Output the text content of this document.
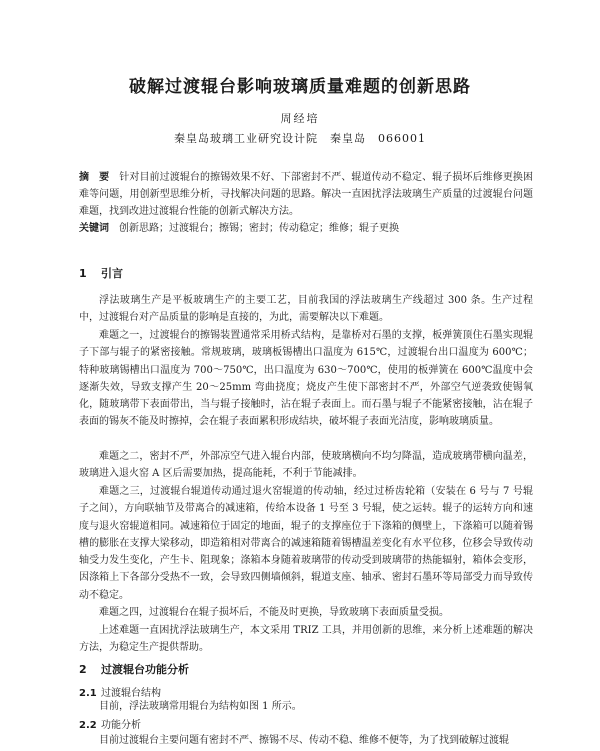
破解过渡辊台影响玻璃质量难题的创新思路
周经培
秦皇岛玻璃工业研究设计院　秦皇岛　066001
摘　要 针对目前过渡辊台的擦锡效果不好、下部密封不严、辊道传动不稳定、辊子损坏后维修更换困难等问题，用创新型思维分析，寻找解决问题的思路。解决一直困扰浮法玻璃生产质量的过渡辊台问题难题，找到改进过渡辊台性能的创新式解决方法。
关键词 创新思路；过渡辊台；擦锡；密封；传动稳定；维修；辊子更换
1 引言

浮法玻璃生产是平板玻璃生产的主要工艺，目前我国的浮法玻璃生产线超过 300 条。生产过程中，过渡辊台对产品质量的影响是直接的，为此，需要解决以下难题。

难题之一，过渡辊台的擦锡装置通常采用桥式结构，是靠桥对石墨的支撑，板弹簧顶住石墨实现辊子下部与辊子的紧密接触。常规玻璃，玻璃板锡槽出口温度为 615℃，过渡辊台出口温度为 600℃；特种玻璃锡槽出口温度为 700～750℃，出口温度为 630～700℃，使用的板弹簧在 600℃温度中会逐渐失效，导致支撑产生 20～25mm 弯曲挠度；烧皮产生使下部密封不严，外部空气逆袭致使锡氧化，随玻璃带下表面带出，当与辊子接触时，沾在辊子表面上。而石墨与辊子不能紧密接触，沾在辊子表面的锡灰不能及时擦掉，会在辊子表面累积形成结块，破坏辊子表面光洁度，影响玻璃质量。

难题之二，密封不严，外部凉空气进入辊台内部，使玻璃横向不均匀降温，造成玻璃带横向温差，玻璃进入退火窑 A 区后需要加热，提高能耗，不利于节能减排。

难题之三，过渡辊台辊道传动通过退火窑辊道的传动轴，经过过桥齿轮箱（安装在 6 号与 7 号辊子之间），方向联轴节及带离合的减速箱，传给本设备 1 号至 3 号辊，使之运转。辊子的运转方向和速度与退火窑辊道相同。减速箱位于固定的地面，辊子的支撑座位于下涤箱的侧壁上，下涤箱可以随着锡槽的膨胀在支撑大梁移动，即造箱相对带离合的减速箱随着锡槽温差变化有水平位移，位移会导致传动轴受力发生变化，产生卡、阻现象；涤箱本身随着玻璃带的传动受到玻璃带的热能辐射，箱体会变形，因涤箱上下各部分受热不一致，会导致四侧墙倾斜，辊道支座、轴承、密封石墨环等局部受力而导致传动不稳定。

难题之四，过渡辊台在辊子损坏后，不能及时更换，导致玻璃下表面质量受损。

上述难题一直困扰浮法玻璃生产，本文采用 TRIZ 工具，并用创新的思维，来分析上述难题的解决方法，为稳定生产提供帮助。

2 过渡辊台功能分析
2.1 过渡辊台结构

目前，浮法玻璃常用辊台为结构如图 1 所示。

2.2 功能分析

目前过渡辊台主要问题有密封不严、擦锡不尽、传动不稳、维修不便等，为了找到破解过渡辊
